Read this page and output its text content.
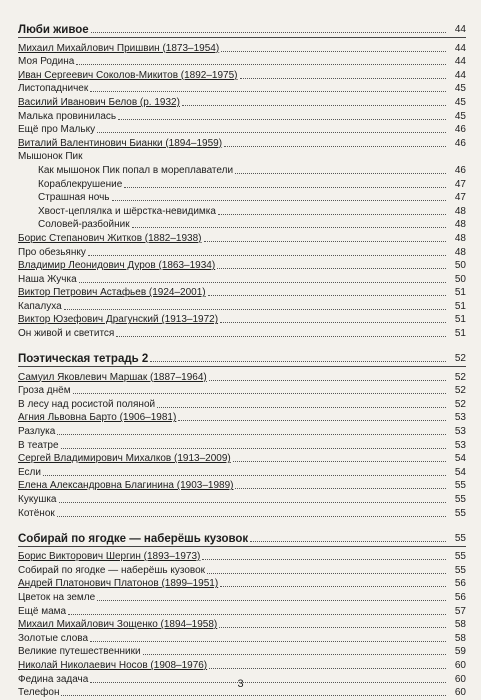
Люби живое	44
Михаил Михайлович Пришвин (1873–1954)	44
Моя Родина	44
Иван Сергеевич Соколов-Микитов (1892–1975)	44
Листопадничек	45
Василий Иванович Белов (р. 1932)	45
Малька провинилась	45
Ещё про Мальку	46
Виталий Валентинович Бианки (1894–1959)	46
Мышонок Пик
Как мышонок Пик попал в мореплаватели	46
Кораблекрушение	47
Страшная ночь	47
Хвост-цеплялка и шёрстка-невидимка	48
Соловей-разбойник	48
Борис Степанович Житков (1882–1938)	48
Про обезьянку	48
Владимир Леонидович Дуров (1863–1934)	50
Наша Жучка	50
Виктор Петрович Астафьев (1924–2001)	51
Капалуха	51
Виктор Юзефович Драгунский (1913–1972)	51
Он живой и светится	51
Поэтическая тетрадь 2	52
Самуил Яковлевич Маршак (1887–1964)	52
Гроза днём	52
В лесу над росистой поляной	52
Агния Львовна Барто (1906–1981)	53
Разлука	53
В театре	53
Сергей Владимирович Михалков (1913–2009)	54
Если	54
Елена Александровна Благинина (1903–1989)	55
Кукушка	55
Котёнок	55
Собирай по ягодке — наберёшь кузовок	55
Борис Викторович Шергин (1893–1973)	55
Собирай по ягодке — наберёшь кузовок	55
Андрей Платонович Платонов (1899–1951)	56
Цветок на земле	56
Ещё мама	57
Михаил Михайлович Зощенко (1894–1958)	58
Золотые слова	58
Великие путешественники	59
Николай Николаевич Носов (1908–1976)	60
Федина задача	60
Телефон	60
3
